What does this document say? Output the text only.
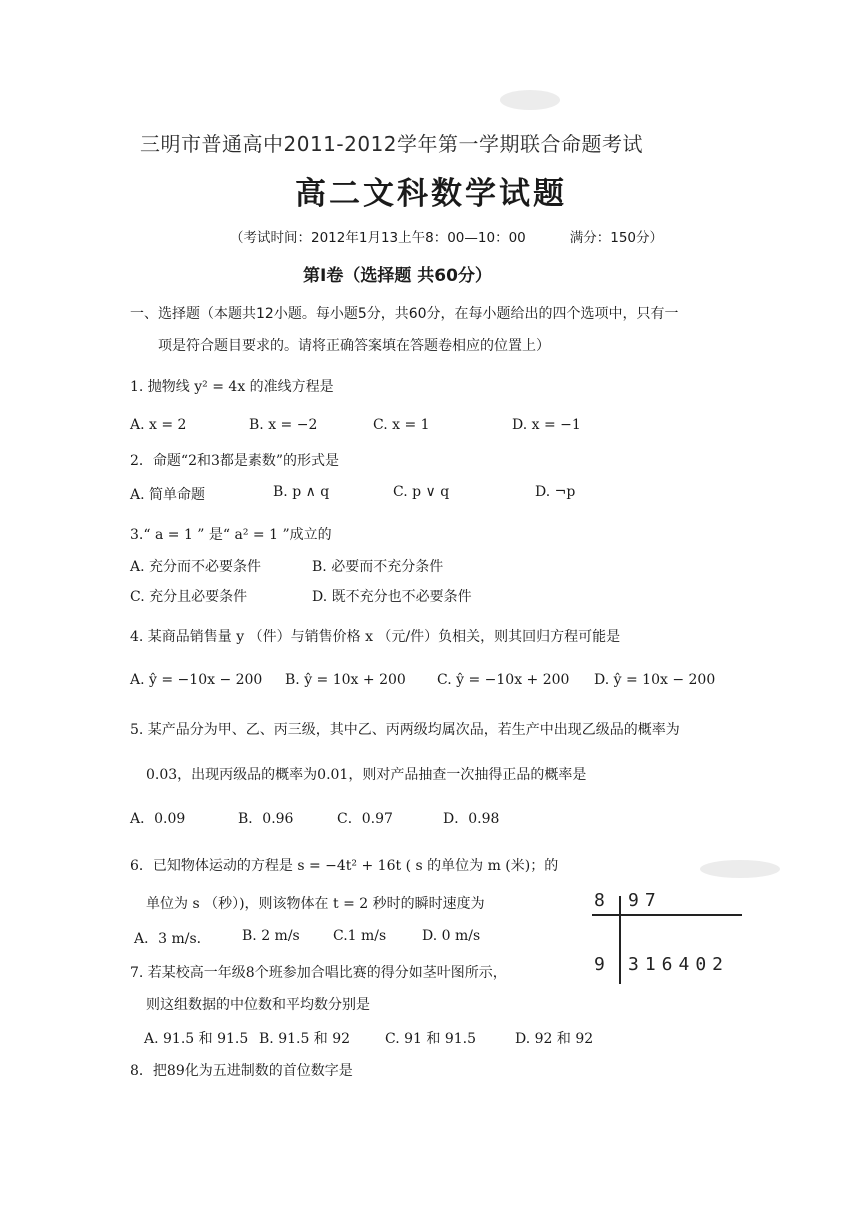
三明市普通高中2011-2012学年第一学期联合命题考试
高二文科数学试题
（考试时间：2012年1月13上午8：00—10：00	满分：150分）
第Ⅰ卷（选择题 共60分）
一、选择题（本题共12小题。每小题5分，共60分，在每小题给出的四个选项中，只有一
项是符合题目要求的。请将正确答案填在答题卷相应的位置上）
1. 抛物线 y² = 4x 的准线方程是
A. x = 2	B. x = −2	C. x = 1	D. x = −1
2．命题“2和3都是素数”的形式是
A. 简单命题	B. p ∧ q	C. p ∨ q	D. ¬p
3.“ a = 1 ” 是“ a² = 1 ”成立的
A. 充分而不必要条件	B. 必要而不充分条件
C. 充分且必要条件	D. 既不充分也不必要条件
4. 某商品销售量 y （件）与销售价格 x （元/件）负相关，则其回归方程可能是
A. ŷ = −10x − 200 B. ŷ = 10x + 200 C. ŷ = −10x + 200 D. ŷ = 10x − 200
5. 某产品分为甲、乙、丙三级，其中乙、丙两级均属次品，若生产中出现乙级品的概率为
0.03，出现丙级品的概率为0.01，则对产品抽查一次抽得正品的概率是
A．0.09	B．0.96	C．0.97	D．0.98
6．已知物体运动的方程是 s = −4t² + 16t ( s 的单位为 m (米)；的
单位为 s （秒）)，则该物体在 t = 2 秒时的瞬时速度为
A．3 m/s． B. 2 m/s C.1 m/s	D. 0 m/s
8 97
9 316402
7. 若某校高一年级8个班参加合唱比赛的得分如茎叶图所示，
则这组数据的中位数和平均数分别是
A. 91.5 和 91.5 B. 91.5 和 92 C. 91 和 91.5	D. 92 和 92
8．把89化为五进制数的首位数字是
